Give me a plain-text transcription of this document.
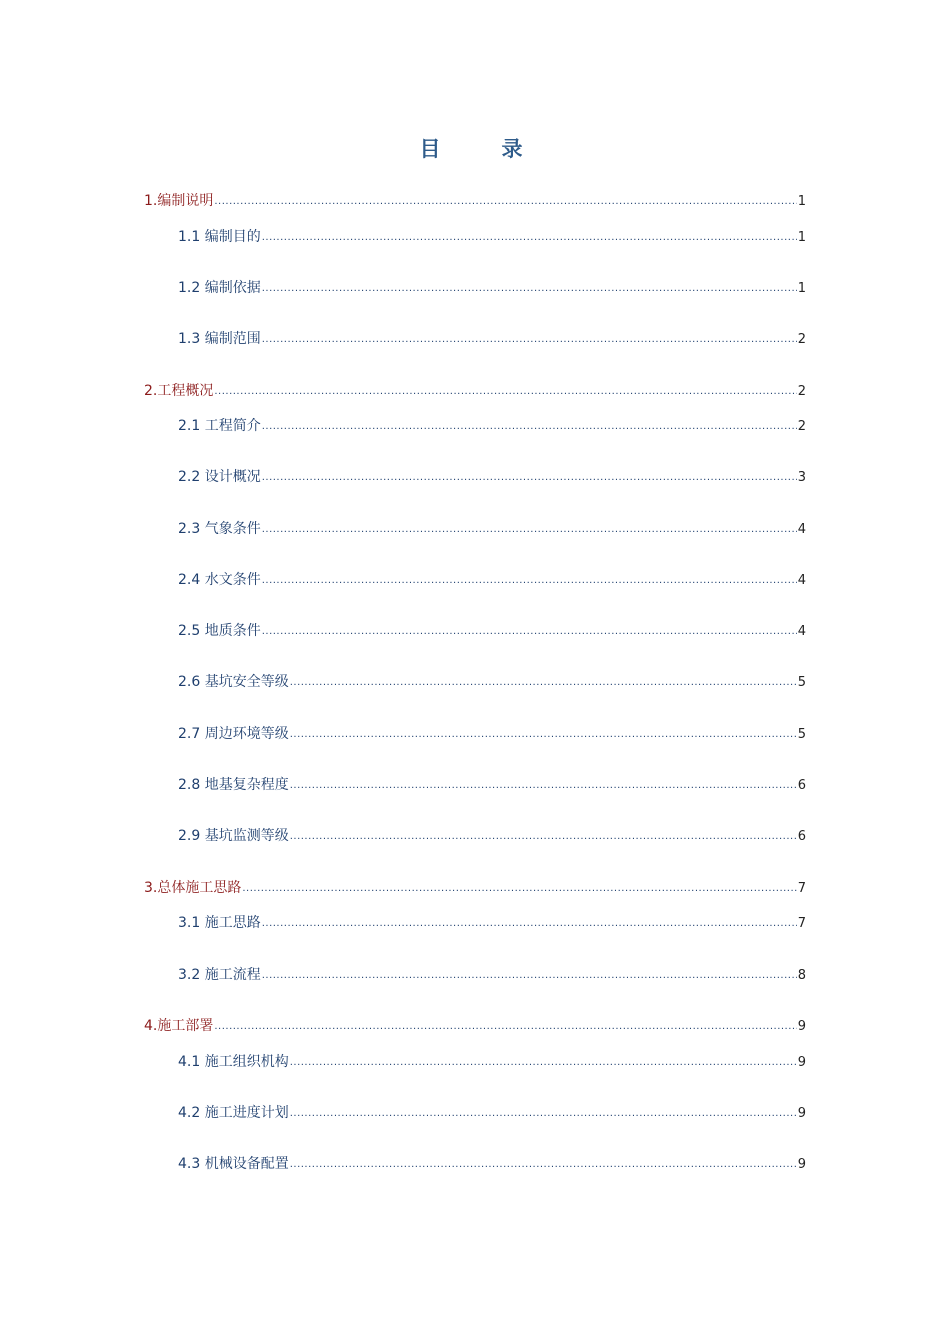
目　录
1.编制说明 .....	1
1.1 编制目的 .....	1
1.2 编制依据 .....	1
1.3 编制范围 .....	2
2.工程概况 .....	2
2.1 工程简介 .....	2
2.2 设计概况 .....	3
2.3 气象条件 .....	4
2.4 水文条件 .....	4
2.5 地质条件 .....	4
2.6 基坑安全等级 .....	5
2.7 周边环境等级 .....	5
2.8 地基复杂程度 .....	6
2.9 基坑监测等级 .....	6
3.总体施工思路 .....	7
3.1 施工思路 .....	7
3.2 施工流程 .....	8
4.施工部署 .....	9
4.1 施工组织机构 .....	9
4.2 施工进度计划 .....	9
4.3 机械设备配置 .....	9
